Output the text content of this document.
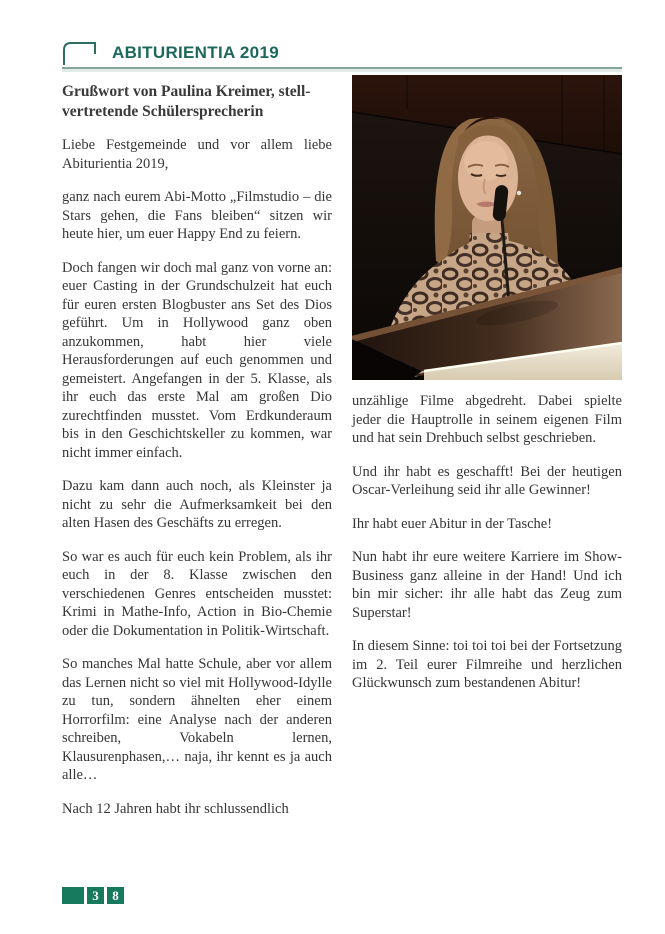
ABITURIENTIA 2019
Grußwort von Paulina Kreimer, stell-
vertretende Schülersprecherin

Liebe Festgemeinde und vor allem liebe Abiturientia 2019,

ganz nach eurem Abi-Motto „Filmstudio – die Stars gehen, die Fans bleiben“ sitzen wir heute hier, um euer Happy End zu feiern.

Doch fangen wir doch mal ganz von vorne an: euer Casting in der Grundschulzeit hat euch für euren ersten Blogbuster ans Set des Dios geführt. Um in Hollywood ganz oben anzukommen, habt hier viele Herausforderungen auf euch genommen und gemeistert. Angefangen in der 5. Klasse, als ihr euch das erste Mal am großen Dio zurechtfinden musstet. Vom Erdkunderaum bis in den Geschichtskeller zu kommen, war nicht immer einfach.

Dazu kam dann auch noch, als Kleinster ja nicht zu sehr die Aufmerksamkeit bei den alten Hasen des Geschäfts zu erregen.

So war es auch für euch kein Problem, als ihr euch in der 8. Klasse zwischen den verschiedenen Genres entscheiden musstet: Krimi in Mathe-Info, Action in Bio-Chemie oder die Dokumentation in Politik-Wirtschaft.

So manches Mal hatte Schule, aber vor allem das Lernen nicht so viel mit Hollywood-Idylle zu tun, sondern ähnelten eher einem Horrorfilm: eine Analyse nach der anderen schreiben, Vokabeln lernen, Klausurenphasen,… naja, ihr kennt es ja auch alle…

Nach 12 Jahren habt ihr schlussendlich

unzählige Filme abgedreht. Dabei spielte jeder die Hauptrolle in seinem eigenen Film und hat sein Drehbuch selbst geschrieben.

Und ihr habt es geschafft! Bei der heutigen Oscar-Verleihung seid ihr alle Gewinner!

Ihr habt euer Abitur in der Tasche!

Nun habt ihr eure weitere Karriere im Show-Business ganz alleine in der Hand! Und ich bin mir sicher: ihr alle habt das Zeug zum Superstar!

In diesem Sinne: toi toi toi bei der Fortsetzung im 2. Teil eurer Filmreihe und herzlichen Glückwunsch zum bestandenen Abitur!

3	8
